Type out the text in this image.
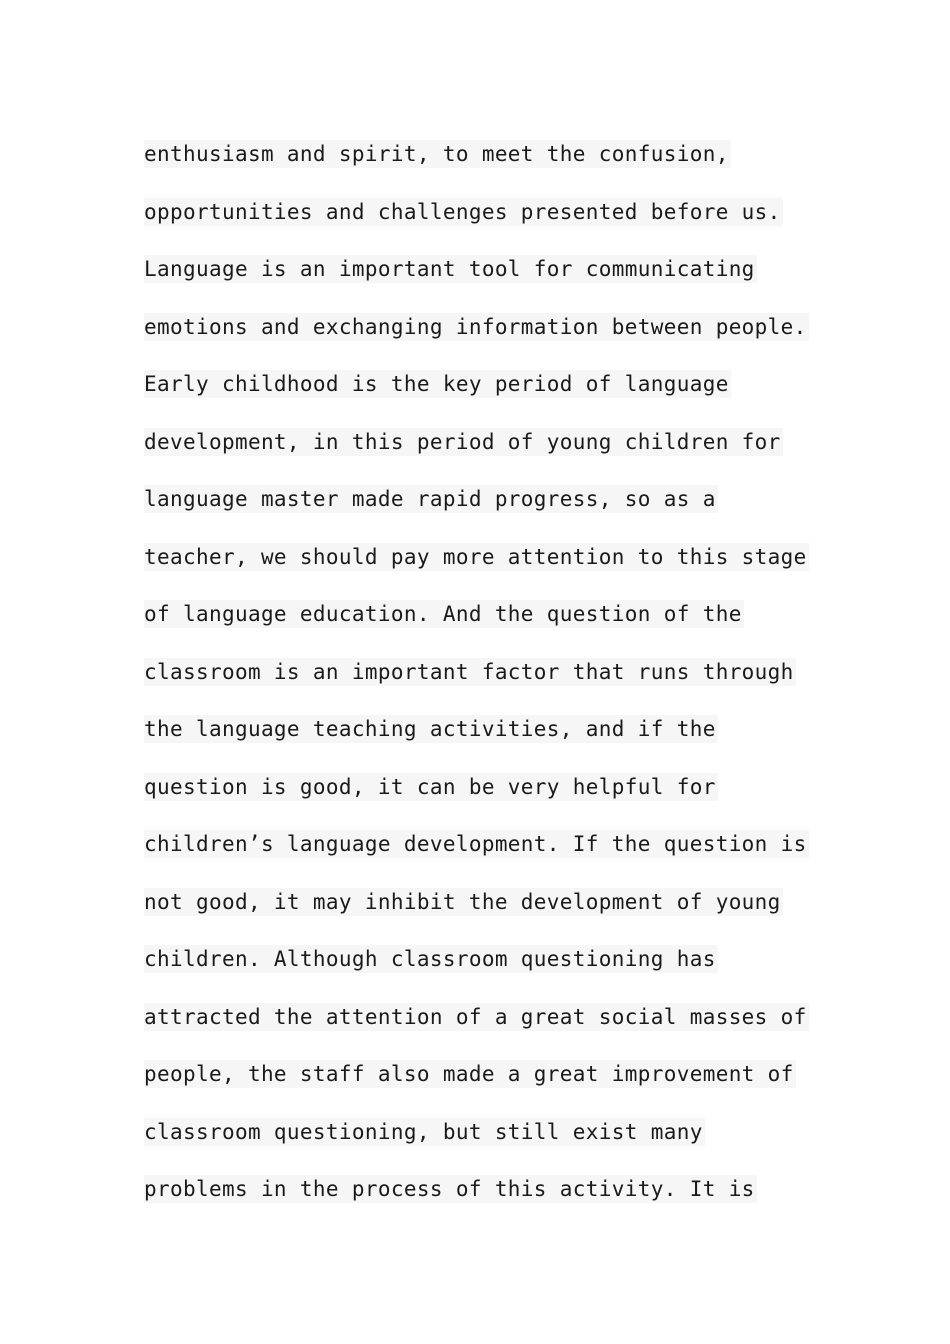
enthusiasm and spirit, to meet the confusion,
opportunities and challenges presented before us.
Language is an important tool for communicating
emotions and exchanging information between people.
Early childhood is the key period of language
development, in this period of young children for
language master made rapid progress, so as a
teacher, we should pay more attention to this stage
of language education. And the question of the
classroom is an important factor that runs through
the language teaching activities, and if the
question is good, it can be very helpful for
children’s language development. If the question is
not good, it may inhibit the development of young
children. Although classroom questioning has
attracted the attention of a great social masses of
people, the staff also made a great improvement of
classroom questioning, but still exist many
problems in the process of this activity. It is
